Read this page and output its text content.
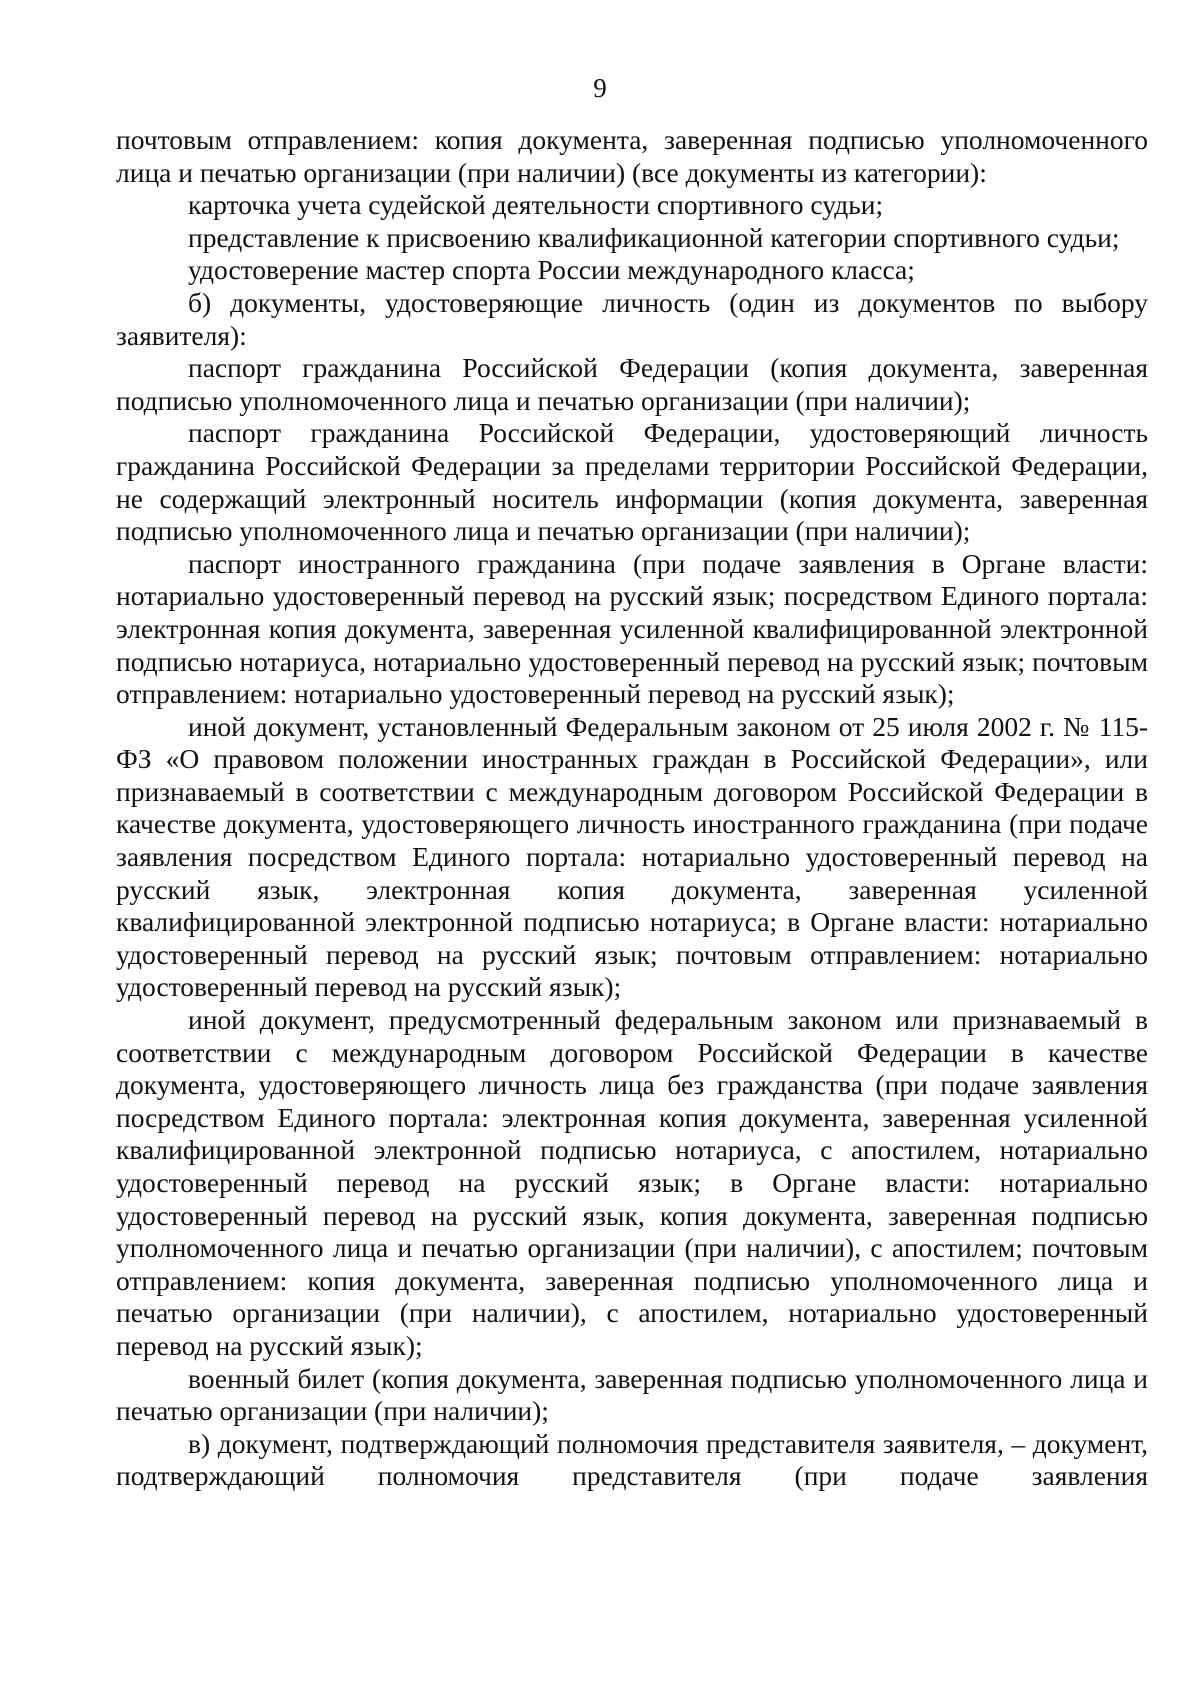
9

почтовым отправлением: копия документа, заверенная подписью уполномоченного лица и печатью организации (при наличии) (все документы из категории):

карточка учета судейской деятельности спортивного судьи;

представление к присвоению квалификационной категории спортивного судьи;

удостоверение мастер спорта России международного класса;

б) документы, удостоверяющие личность (один из документов по выбору заявителя):

паспорт гражданина Российской Федерации (копия документа, заверенная подписью уполномоченного лица и печатью организации (при наличии);

паспорт гражданина Российской Федерации, удостоверяющий личность гражданина Российской Федерации за пределами территории Российской Федерации, не содержащий электронный носитель информации (копия документа, заверенная подписью уполномоченного лица и печатью организации (при наличии);

паспорт иностранного гражданина (при подаче заявления в Органе власти: нотариально удостоверенный перевод на русский язык; посредством Единого портала: электронная копия документа, заверенная усиленной квалифицированной электронной подписью нотариуса, нотариально удостоверенный перевод на русский язык; почтовым отправлением: нотариально удостоверенный перевод на русский язык);

иной документ, установленный Федеральным законом от 25 июля 2002 г. № 115-ФЗ «О правовом положении иностранных граждан в Российской Федерации», или признаваемый в соответствии с международным договором Российской Федерации в качестве документа, удостоверяющего личность иностранного гражданина (при подаче заявления посредством Единого портала: нотариально удостоверенный перевод на русский язык, электронная копия документа, заверенная усиленной квалифицированной электронной подписью нотариуса; в Органе власти: нотариально удостоверенный перевод на русский язык; почтовым отправлением: нотариально удостоверенный перевод на русский язык);

иной документ, предусмотренный федеральным законом или признаваемый в соответствии с международным договором Российской Федерации в качестве документа, удостоверяющего личность лица без гражданства (при подаче заявления посредством Единого портала: электронная копия документа, заверенная усиленной квалифицированной электронной подписью нотариуса, с апостилем, нотариально удостоверенный перевод на русский язык; в Органе власти: нотариально удостоверенный перевод на русский язык, копия документа, заверенная подписью уполномоченного лица и печатью организации (при наличии), с апостилем; почтовым отправлением: копия документа, заверенная подписью уполномоченного лица и печатью организации (при наличии), с апостилем, нотариально удостоверенный перевод на русский язык);

военный билет (копия документа, заверенная подписью уполномоченного лица и печатью организации (при наличии);

в) документ, подтверждающий полномочия представителя заявителя, – документ, подтверждающий полномочия представителя (при подаче заявления
